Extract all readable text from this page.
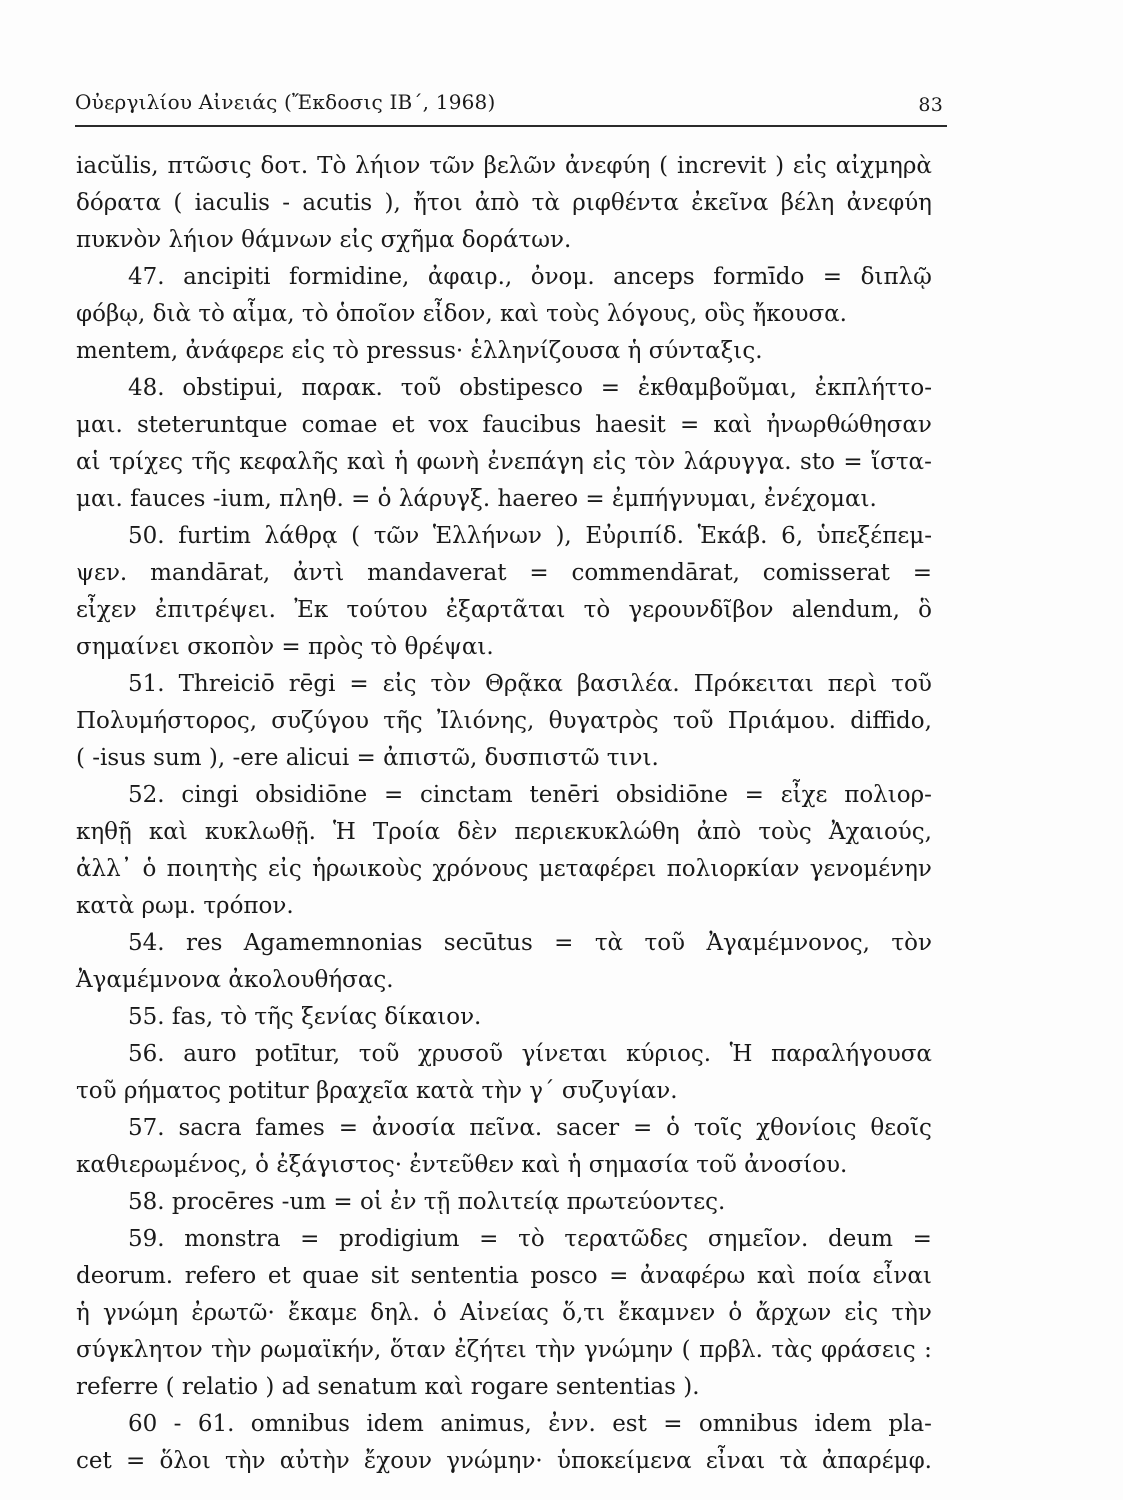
Οὐεργιλίου Αἰνειάς (Ἔκδοσις ΙΒ΄, 1968)	83
iacŭlis, πτῶσις δοτ. Τὸ λήιον τῶν βελῶν ἀνεφύη ( increvit ) εἰς αἰχμηρὰ
δόρατα ( iaculis - acutis ), ἤτοι ἀπὸ τὰ ριφθέντα ἐκεῖνα βέλη ἀνεφύη
πυκνὸν λήιον θάμνων εἰς σχῆμα δοράτων.
47. ancipiti formidine, ἀφαιρ., ὀνομ. anceps formīdo = διπλῷ
φόβῳ, διὰ τὸ αἷμα, τὸ ὁποῖον εἶδον, καὶ τοὺς λόγους, οὓς ἤκουσα.
mentem, ἀνάφερε εἰς τὸ pressus· ἑλληνίζουσα ἡ σύνταξις.
48. obstipui, παρακ. τοῦ obstipesco = ἐκθαμβοῦμαι, ἐκπλήττο-
μαι. steteruntque comae et vox faucibus haesit = καὶ ἠνωρθώθησαν
αἱ τρίχες τῆς κεφαλῆς καὶ ἡ φωνὴ ἐνεπάγη εἰς τὸν λάρυγγα. sto = ἵστα-
μαι. fauces -ium, πληθ. = ὁ λάρυγξ. haereo = ἐμπήγνυμαι, ἐνέχομαι.
50. furtim λάθρᾳ ( τῶν Ἑλλήνων ), Εὐριπίδ. Ἑκάβ. 6, ὑπεξέπεμ-
ψεν. mandārat, ἀντὶ mandaverat = commendārat, comisserat =
εἶχεν ἐπιτρέψει. Ἐκ τούτου ἐξαρτᾶται τὸ γερουνδῖβον alendum, ὃ
σημαίνει σκοπὸν = πρὸς τὸ θρέψαι.
51. Threiciō rēgi = εἰς τὸν Θρᾷκα βασιλέα. Πρόκειται περὶ τοῦ
Πολυμήστορος, συζύγου τῆς Ἰλιόνης, θυγατρὸς τοῦ Πριάμου. diffido,
( -isus sum ), -ere alicui = ἀπιστῶ, δυσπιστῶ τινι.
52. cingi obsidiōne = cinctam tenēri obsidiōne = εἶχε πολιορ-
κηθῇ καὶ κυκλωθῇ. Ἡ Τροία δὲν περιεκυκλώθη ἀπὸ τοὺς Ἀχαιούς,
ἀλλ᾿ ὁ ποιητὴς εἰς ἡρωικοὺς χρόνους μεταφέρει πολιορκίαν γενομένην
κατὰ ρωμ. τρόπον.
54. res Agamemnonias secūtus = τὰ τοῦ Ἀγαμέμνονος, τὸν
Ἀγαμέμνονα ἀκολουθήσας.
55. fas, τὸ τῆς ξενίας δίκαιον.
56. auro potītur, τοῦ χρυσοῦ γίνεται κύριος. Ἡ παραλήγουσα
τοῦ ρήματος potitur βραχεῖα κατὰ τὴν γ΄ συζυγίαν.
57. sacra fames = ἀνοσία πεῖνα. sacer = ὁ τοῖς χθονίοις θεοῖς
καθιερωμένος, ὁ ἐξάγιστος· ἐντεῦθεν καὶ ἡ σημασία τοῦ ἀνοσίου.
58. procēres -um = οἱ ἐν τῇ πολιτείᾳ πρωτεύοντες.
59. monstra = prodigium = τὸ τερατῶδες σημεῖον. deum =
deorum. refero et quae sit sententia posco = ἀναφέρω καὶ ποία εἶναι
ἡ γνώμη ἐρωτῶ· ἔκαμε δηλ. ὁ Αἰνείας ὅ,τι ἔκαμνεν ὁ ἄρχων εἰς τὴν
σύγκλητον τὴν ρωμαϊκήν, ὅταν ἐζήτει τὴν γνώμην ( πρβλ. τὰς φράσεις :
referre ( relatio ) ad senatum καὶ rogare sententias ).
60 - 61. omnibus idem animus, ἐνν. est = omnibus idem pla-
cet = ὅλοι τὴν αὐτὴν ἔχουν γνώμην· ὑποκείμενα εἶναι τὰ ἀπαρέμφ.
